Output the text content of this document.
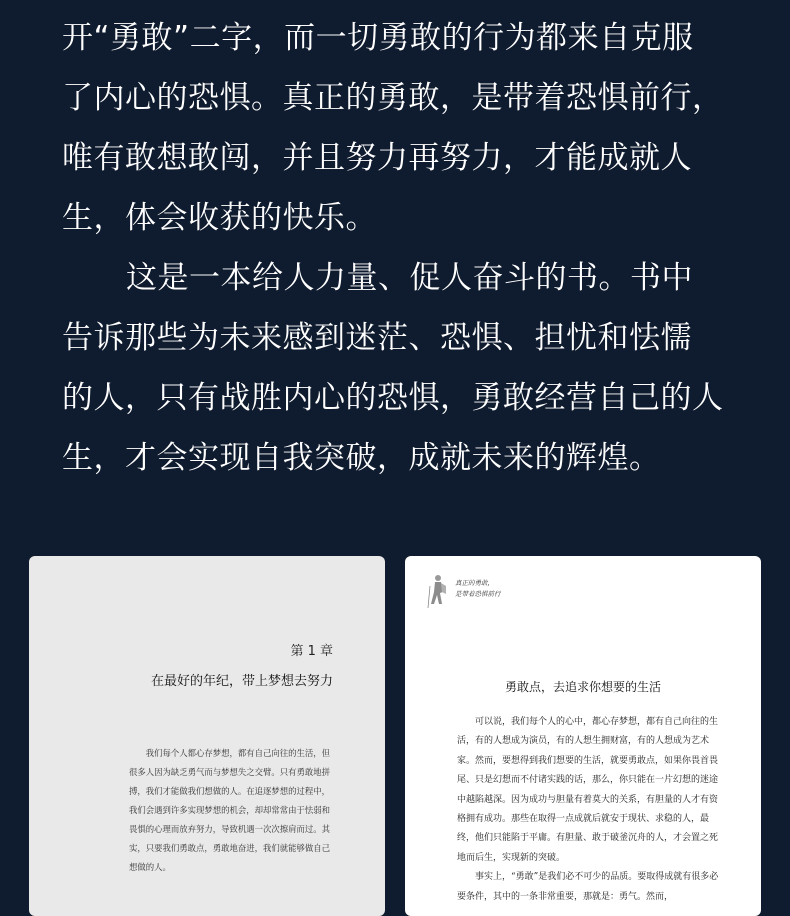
开“勇敢”二字，而一切勇敢的行为都来自克服
了内心的恐惧。真正的勇敢，是带着恐惧前行，
唯有敢想敢闯，并且努力再努力，才能成就人
生，体会收获的快乐。

这是一本给人力量、促人奋斗的书。书中
告诉那些为未来感到迷茫、恐惧、担忧和怯懦
的人，只有战胜内心的恐惧，勇敢经营自己的人
生，才会实现自我突破，成就未来的辉煌。

第 1 章
在最好的年纪，带上梦想去努力

我们每个人都心存梦想，都有自己向往的生活，但很多人因为缺乏勇气而与梦想失之交臂。只有勇敢地拼搏，我们才能做我们想做的人。在追逐梦想的过程中，我们会遇到许多实现梦想的机会，却却常常由于怯弱和畏惧的心理而放弃努力，导致机遇一次次擦肩而过。其实，只要我们勇敢点，勇敢地奋进，我们就能够做自己想做的人。

真正的勇敢，
是带着恐惧前行
勇敢点，去追求你想要的生活

可以说，我们每个人的心中，都心存梦想，都有自己向往的生活，有的人想成为演员，有的人想生拥财富，有的人想成为艺术家。然而，要想得到我们想要的生活，就要勇敢点，如果你畏首畏尾、只是幻想而不付诸实践的话，那么，你只能在一片幻想的迷途中越陷越深。因为成功与胆量有着莫大的关系，有胆量的人才有资格拥有成功。那些在取得一点成就后就安于现状、求稳的人，最终，他们只能陷于平庸。有胆量、敢于破釜沉舟的人，才会置之死地而后生，实现新的突破。
事实上，“勇敢”是我们必不可少的品质。要取得成就有很多必要条件，其中的一条非常重要，那就是：勇气。然而，
